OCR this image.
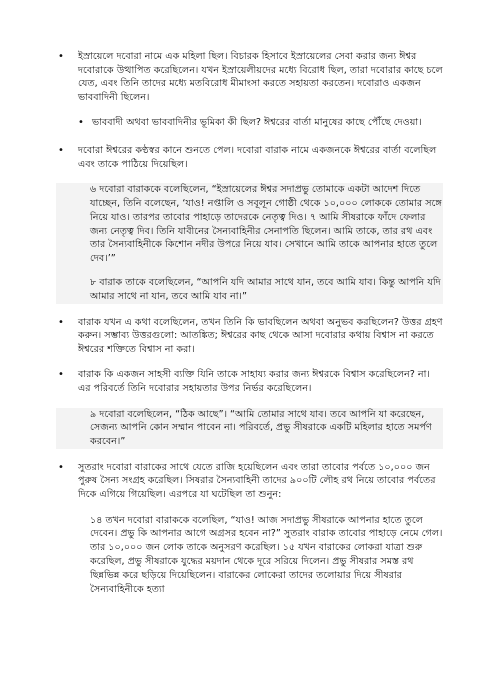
• ইস্রায়েলে দবোরা নামে এক মহিলা ছিল। বিচারক হিসাবে ইস্রায়েলের সেবা করার জন্য ঈশ্বর দবোরাকে উত্থাপিত করেছিলেন। যখন ইস্রায়েলীয়দের মধ্যে বিরোধ ছিল, তারা দবোরার কাছে চলে যেত, এবং তিনি তাদের মধ্যে মতবিরোধ মীমাংসা করতে সহায়তা করতেন। দবোরাও একজন ভাববাদিনী ছিলেন।
• ভাববাদী অথবা ভাববাদিনীর ভূমিকা কী ছিল? ঈশ্বরের বার্তা মানুষের কাছে পৌঁছে দেওয়া।
• দবোরা ঈশ্বরের কণ্ঠস্বর কানে শুনতে পেল। দবোরা বারাক নামে একজনকে ঈশ্বরের বার্তা বলেছিল এবং তাকে পাঠিয়ে দিয়েছিল।
৬ দবোরা বারাককে বলেছিলেন, “ইস্রায়েলের ঈশ্বর সদাপ্রভু তোমাকে একটা আদেশ দিতে যাচ্ছেন, তিনি বলেছেন, ‘যাও! নপ্তালি ও সবূলূন গোষ্ঠী থেকে ১০,০০০ লোককে তোমার সঙ্গে নিয়ে যাও। তারপর তাবোর পাহাড়ে তাদেরকে নেতৃত্ব দিও। ৭ আমি সীষরাকে ফাঁদে ফেলার জন্য নেতৃত্ব দিব। তিনি যাবীনের সৈন্যবাহিনীর সেনাপতি ছিলেন। আমি তাকে, তার রথ এবং তার সৈন্যবাহিনীকে কিশোন নদীর উপরে নিয়ে যাব। সেখানে আমি তাকে আপনার হাতে তুলে দেব।’”
৮ বারাক তাকে বলেছিলেন, “আপনি যদি আমার সাথে যান, তবে আমি যাব। কিন্তু আপনি যদি আমার সাথে না যান, তবে আমি যাব না।”
• বারাক যখন এ কথা বলেছিলেন, তখন তিনি কি ভাবছিলেন অথবা অনুভব করছিলেন? উত্তর গ্রহণ করুন। সম্ভাব্য উত্তরগুলো: আতঙ্কিত; ঈশ্বরের কাছ থেকে আসা দবোরার কথায় বিশ্বাস না করতে ঈশ্বরের শক্তিতে বিশ্বাস না করা।
• বারাক কি একজন সাহসী ব্যক্তি যিনি তাকে সাহায্য করার জন্য ঈশ্বরকে বিশ্বাস করেছিলেন? না। এর পরিবর্তে তিনি দবোরার সহায়তার উপর নির্ভর করেছিলেন।
৯ দবোরা বলেছিলেন, “ঠিক আছে”। “আমি তোমার সাথে যাব। তবে আপনি যা করেছেন, সেজন্য আপনি কোন সম্মান পাবেন না। পরিবর্তে, প্রভু সীষরাকে একটি মহিলার হাতে সমর্পণ করবেন।”
• সুতরাং দবোরা বারাকের সাথে যেতে রাজি হয়েছিলেন এবং তারা তাবোর পর্বতে ১০,০০০ জন পুরুষ সৈন্য সংগ্রহ করেছিল। সিষরার সৈন্যবাহিনী তাদের ৯০০টি লৌহ রথ নিয়ে তাবোর পর্বতের দিকে এগিয়ে গিয়েছিল। এরপরে যা ঘটেছিল তা শুনুন:
১৪ তখন দবোরা বারাককে বলেছিল, “যাও! আজ সদাপ্রভু সীষরাকে আপনার হাতে তুলে দেবেন। প্রভু কি আপনার আগে অগ্রসর হবেন না?” সুতরাং বারাক তাবোর পাহাড়ে নেমে গেল। তার ১০,০০০ জন লোক তাকে অনুসরণ করেছিল। ১৫ যখন বারাকের লোকরা যাত্রা শুরু করেছিল, প্রভু সীষরাকে যুদ্ধের ময়দান থেকে দূরে সরিয়ে দিলেন। প্রভু সীষরার সমস্ত রথ ছিন্নভিন্ন করে ছড়িয়ে দিয়েছিলেন। বারাকের লোকেরা তাদের তলোয়ার দিয়ে সীষরার সৈন্যবাহিনীকে হত্যা
